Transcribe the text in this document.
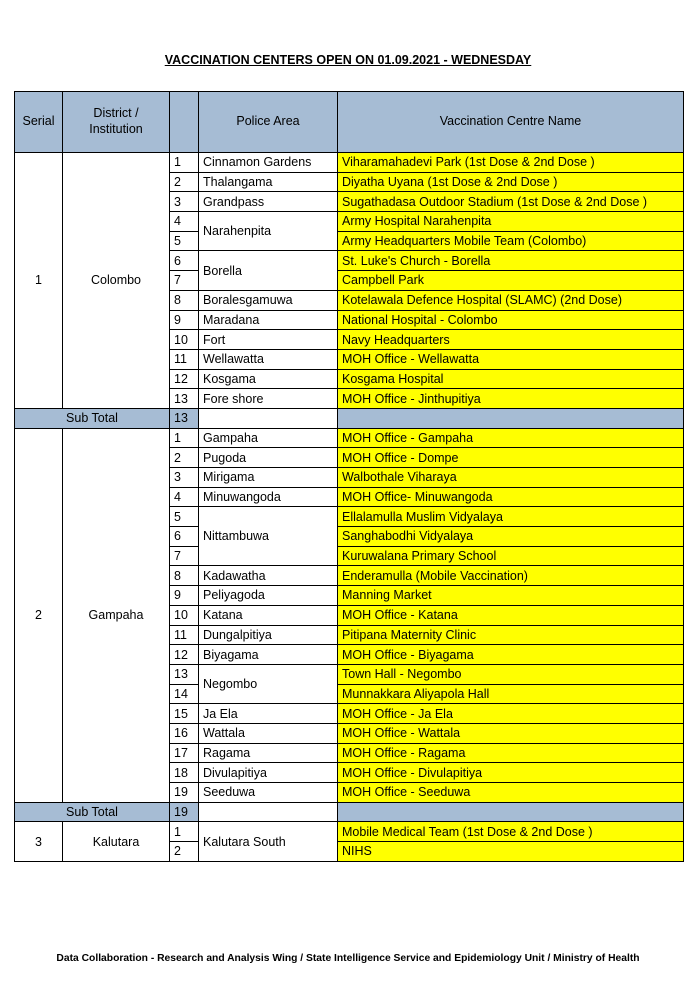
VACCINATION CENTERS OPEN ON 01.09.2021 - WEDNESDAY
Serial	District / Institution		Police Area	Vaccination Centre Name
1	Colombo	1	Cinnamon Gardens	Viharamahadevi Park (1st Dose & 2nd Dose )
		2	Thalangama	Diyatha Uyana (1st Dose & 2nd Dose )
		3	Grandpass	Sugathadasa Outdoor Stadium (1st Dose & 2nd Dose )
		4	Narahenpita	Army Hospital Narahenpita
		5		Army Headquarters Mobile Team (Colombo)
		6	Borella	St. Luke's Church - Borella
		7		Campbell Park
		8	Boralesgamuwa	Kotelawala Defence Hospital (SLAMC) (2nd Dose)
		9	Maradana	National Hospital - Colombo
		10	Fort	Navy Headquarters
		11	Wellawatta	MOH Office - Wellawatta
		12	Kosgama	Kosgama Hospital
		13	Fore shore	MOH Office - Jinthupitiya
Sub Total		13		
2	Gampaha	1	Gampaha	MOH Office - Gampaha
		2	Pugoda	MOH Office - Dompe
		3	Mirigama	Walbothale Viharaya
		4	Minuwangoda	MOH Office- Minuwangoda
		5	Nittambuwa	Ellalamulla Muslim Vidyalaya
		6		Sanghabodhi Vidyalaya
		7		Kuruwalana Primary School
		8	Kadawatha	Enderamulla (Mobile Vaccination)
		9	Peliyagoda	Manning Market
		10	Katana	MOH Office - Katana
		11	Dungalpitiya	Pitipana Maternity Clinic
		12	Biyagama	MOH Office - Biyagama
		13	Negombo	Town Hall - Negombo
		14		Munnakkara Aliyapola Hall
		15	Ja Ela	MOH Office - Ja Ela
		16	Wattala	MOH Office - Wattala
		17	Ragama	MOH Office - Ragama
		18	Divulapitiya	MOH Office - Divulapitiya
		19	Seeduwa	MOH Office - Seeduwa
Sub Total		19		
3	Kalutara	1	Kalutara South	Mobile Medical Team (1st Dose & 2nd Dose )
		2		NIHS
Data Collaboration - Research and Analysis Wing / State Intelligence Service and Epidemiology Unit / Ministry of Health
